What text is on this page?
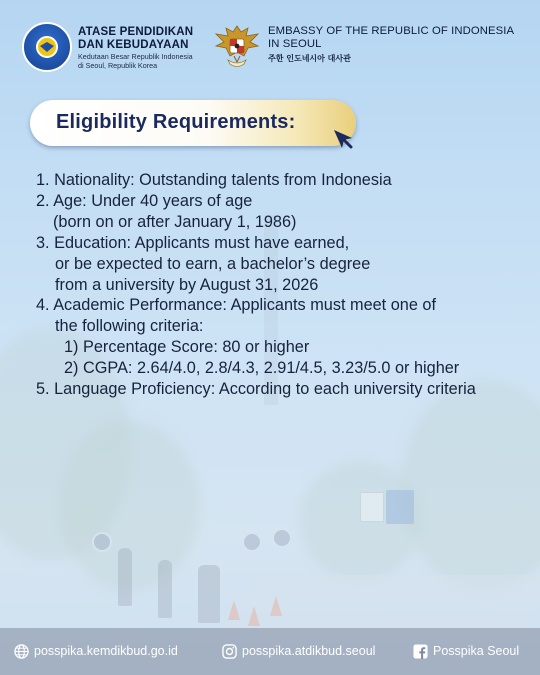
ATASE PENDIDIKAN
DAN KEBUDAYAAN
Kedutaan Besar Republik Indonesia
di Seoul, Republik Korea
EMBASSY OF THE REPUBLIC OF INDONESIA
IN SEOUL
주한 인도네시아 대사관
Eligibility Requirements:
1. Nationality: Outstanding talents from Indonesia
2. Age: Under 40 years of age
(born on or after January 1, 1986)
3. Education: Applicants must have earned,
or be expected to earn, a bachelor’s degree
from a university by August 31, 2026
4. Academic Performance: Applicants must meet one of
the following criteria:
1) Percentage Score: 80 or higher
2) CGPA: 2.64/4.0, 2.8/4.3, 2.91/4.5, 3.23/5.0 or higher
5. Language Proficiency: According to each university criteria
posspika.kemdikbud.go.id	posspika.atdikbud.seoul	Posspika Seoul
